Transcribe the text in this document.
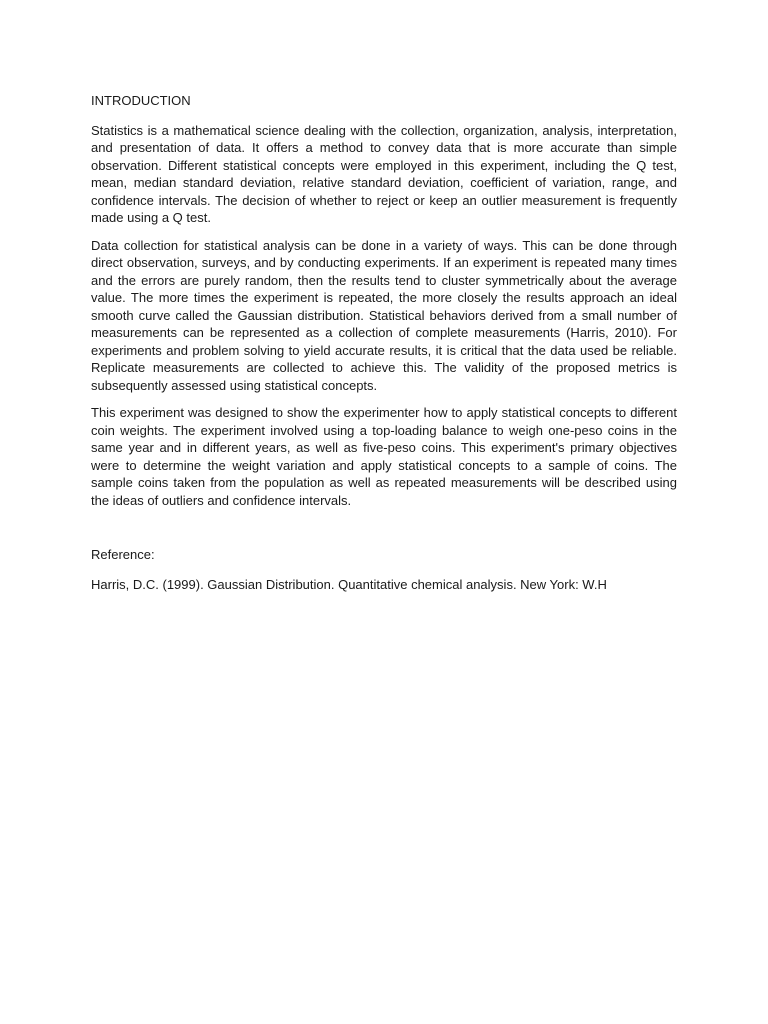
INTRODUCTION

Statistics is a mathematical science dealing with the collection, organization, analysis, interpretation, and presentation of data. It offers a method to convey data that is more accurate than simple observation. Different statistical concepts were employed in this experiment, including the Q test, mean, median standard deviation, relative standard deviation, coefficient of variation, range, and confidence intervals. The decision of whether to reject or keep an outlier measurement is frequently made using a Q test.

Data collection for statistical analysis can be done in a variety of ways. This can be done through direct observation, surveys, and by conducting experiments. If an experiment is repeated many times and the errors are purely random, then the results tend to cluster symmetrically about the average value. The more times the experiment is repeated, the more closely the results approach an ideal smooth curve called the Gaussian distribution. Statistical behaviors derived from a small number of measurements can be represented as a collection of complete measurements (Harris, 2010). For experiments and problem solving to yield accurate results, it is critical that the data used be reliable. Replicate measurements are collected to achieve this. The validity of the proposed metrics is subsequently assessed using statistical concepts.

This experiment was designed to show the experimenter how to apply statistical concepts to different coin weights. The experiment involved using a top-loading balance to weigh one-peso coins in the same year and in different years, as well as five-peso coins. This experiment's primary objectives were to determine the weight variation and apply statistical concepts to a sample of coins. The sample coins taken from the population as well as repeated measurements will be described using the ideas of outliers and confidence intervals.

Reference:

Harris, D.C. (1999). Gaussian Distribution. Quantitative chemical analysis. New York: W.H
